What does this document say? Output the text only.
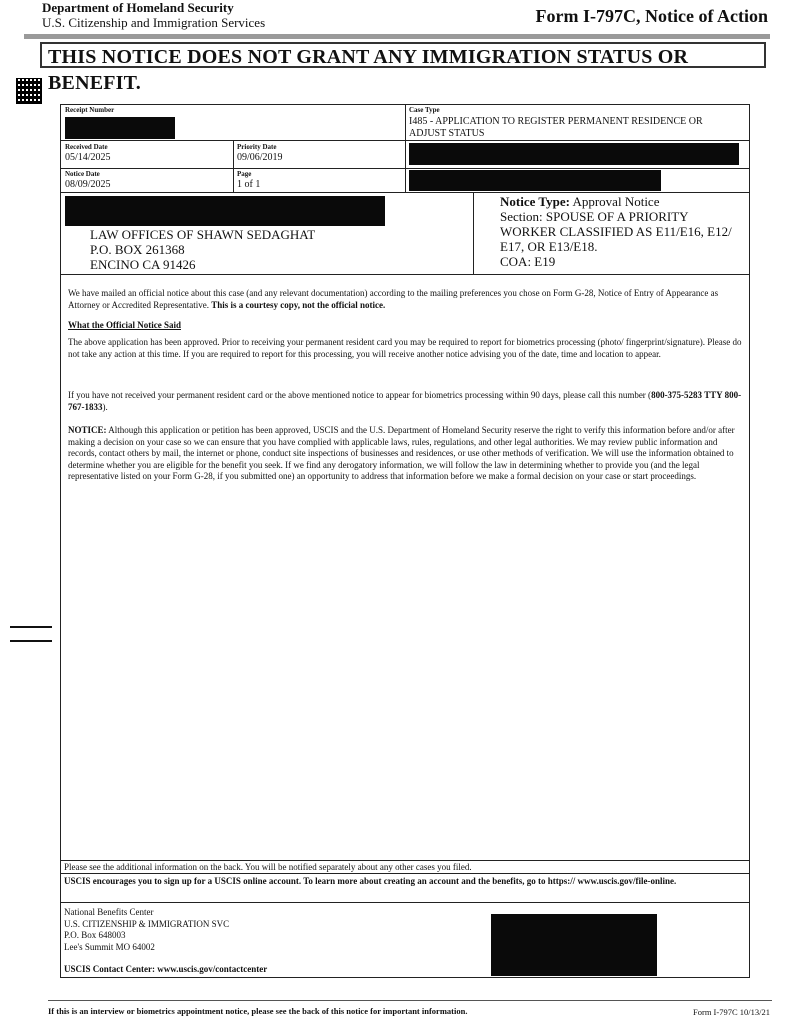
Department of Homeland Security
U.S. Citizenship and Immigration Services	Form I-797C, Notice of Action
THIS NOTICE DOES NOT GRANT ANY IMMIGRATION STATUS OR BENEFIT.
Receipt Number	Case Type
I485 - APPLICATION TO REGISTER PERMANENT RESIDENCE OR ADJUST STATUS
Received Date
05/14/2025
Priority Date
09/06/2019
Notice Date
08/09/2025
Page
1 of 1
LAW OFFICES OF SHAWN SEDAGHAT
P.O. BOX 261368
ENCINO CA 91426
Notice Type: Approval Notice
Section: SPOUSE OF A PRIORITY
WORKER CLASSIFIED AS E11/E16, E12/
E17, OR E13/E18.
COA: E19
We have mailed an official notice about this case (and any relevant documentation) according to the mailing preferences you chose on Form G-28, Notice of Entry of Appearance as Attorney or Accredited Representative. This is a courtesy copy, not the official notice.
What the Official Notice Said
The above application has been approved. Prior to receiving your permanent resident card you may be required to report for biometrics processing (photo/ fingerprint/signature). Please do not take any action at this time. If you are required to report for this processing, you will receive another notice advising you of the date, time and location to appear.
If you have not received your permanent resident card or the above mentioned notice to appear for biometrics processing within 90 days, please call this number (800-375-5283 TTY 800-767-1833).
NOTICE: Although this application or petition has been approved, USCIS and the U.S. Department of Homeland Security reserve the right to verify this information before and/or after making a decision on your case so we can ensure that you have complied with applicable laws, rules, regulations, and other legal authorities. We may review public information and records, contact others by mail, the internet or phone, conduct site inspections of businesses and residences, or use other methods of verification. We will use the information obtained to determine whether you are eligible for the benefit you seek. If we find any derogatory information, we will follow the law in determining whether to provide you (and the legal representative listed on your Form G-28, if you submitted one) an opportunity to address that information before we make a formal decision on your case or start proceedings.
Please see the additional information on the back. You will be notified separately about any other cases you filed.
USCIS encourages you to sign up for a USCIS online account. To learn more about creating an account and the benefits, go to https:// www.uscis.gov/file-online.
National Benefits Center
U.S. CITIZENSHIP & IMMIGRATION SVC
P.O. Box 648003
Lee's Summit MO 64002
USCIS Contact Center: www.uscis.gov/contactcenter
If this is an interview or biometrics appointment notice, please see the back of this notice for important information.	Form I-797C 10/13/21
